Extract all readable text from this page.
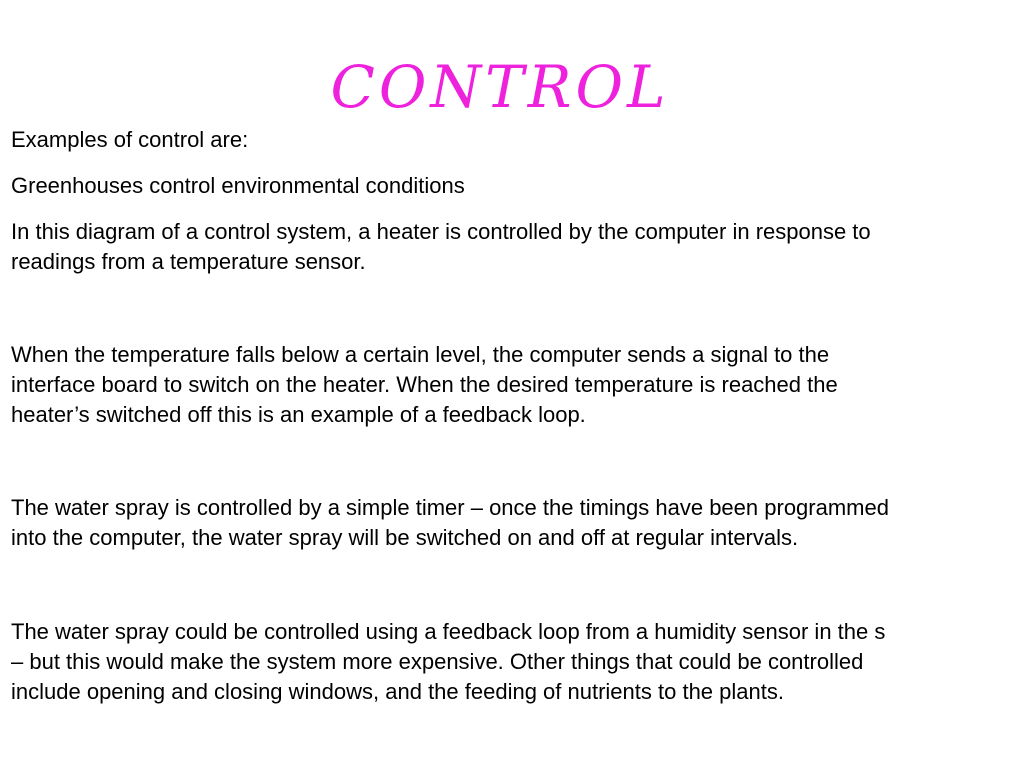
CONTROL

Examples of control are:

Greenhouses control environmental conditions

In this diagram of a control system, a heater is controlled by the computer in response to
readings from a temperature sensor.

When the temperature falls below a certain level, the computer sends a signal to the
interface board to switch on the heater. When the desired temperature is reached the
heater’s switched off this is an example of a feedback loop.

The water spray is controlled by a simple timer – once the timings have been programmed
into the computer, the water spray will be switched on and off at regular intervals.

The water spray could be controlled using a feedback loop from a humidity sensor in the s
– but this would make the system more expensive. Other things that could be controlled
include opening and closing windows, and the feeding of nutrients to the plants.
